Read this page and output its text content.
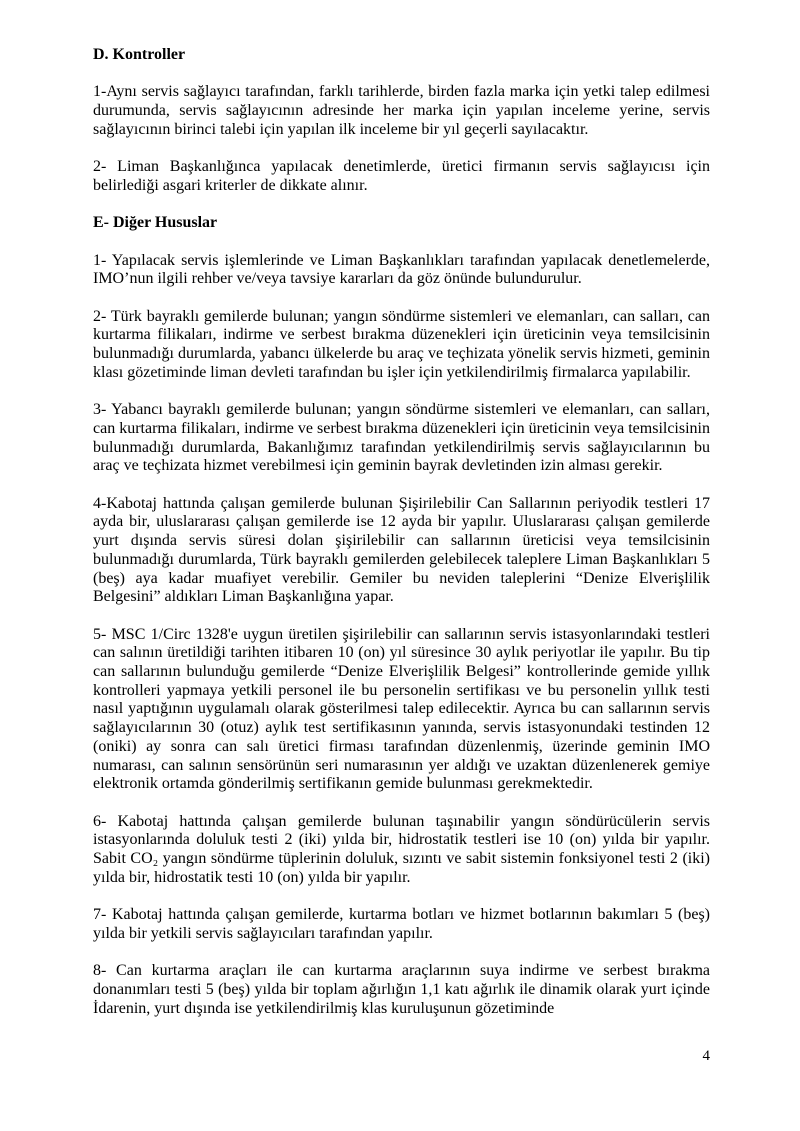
D. Kontroller
1-Aynı servis sağlayıcı tarafından, farklı tarihlerde, birden fazla marka için yetki talep edilmesi durumunda, servis sağlayıcının adresinde her marka için yapılan inceleme yerine, servis sağlayıcının birinci talebi için yapılan ilk inceleme bir yıl geçerli sayılacaktır.
2- Liman Başkanlığınca yapılacak denetimlerde, üretici firmanın servis sağlayıcısı için belirlediği asgari kriterler de dikkate alınır.
E- Diğer Hususlar
1- Yapılacak servis işlemlerinde ve Liman Başkanlıkları tarafından yapılacak denetlemelerde, IMO’nun ilgili rehber ve/veya tavsiye kararları da göz önünde bulundurulur.
2- Türk bayraklı gemilerde bulunan; yangın söndürme sistemleri ve elemanları, can salları, can kurtarma filikaları, indirme ve serbest bırakma düzenekleri için üreticinin veya temsilcisinin bulunmadığı durumlarda, yabancı ülkelerde bu araç ve teçhizata yönelik servis hizmeti, geminin klası gözetiminde liman devleti tarafından bu işler için yetkilendirilmiş firmalarca yapılabilir.
3- Yabancı bayraklı gemilerde bulunan; yangın söndürme sistemleri ve elemanları, can salları, can kurtarma filikaları, indirme ve serbest bırakma düzenekleri için üreticinin veya temsilcisinin bulunmadığı durumlarda, Bakanlığımız tarafından yetkilendirilmiş servis sağlayıcılarının bu araç ve teçhizata hizmet verebilmesi için geminin bayrak devletinden izin alması gerekir.
4-Kabotaj hattında çalışan gemilerde bulunan Şişirilebilir Can Sallarının periyodik testleri 17 ayda bir, uluslararası çalışan gemilerde ise 12 ayda bir yapılır. Uluslararası çalışan gemilerde yurt dışında servis süresi dolan şişirilebilir can sallarının üreticisi veya temsilcisinin bulunmadığı durumlarda, Türk bayraklı gemilerden gelebilecek taleplere Liman Başkanlıkları 5 (beş) aya kadar muafiyet verebilir. Gemiler bu neviden taleplerini “Denize Elverişlilik Belgesini” aldıkları Liman Başkanlığına yapar.
5- MSC 1/Circ 1328'e uygun üretilen şişirilebilir can sallarının servis istasyonlarındaki testleri can salının üretildiği tarihten itibaren 10 (on) yıl süresince 30 aylık periyotlar ile yapılır. Bu tip can sallarının bulunduğu gemilerde “Denize Elverişlilik Belgesi” kontrollerinde gemide yıllık kontrolleri yapmaya yetkili personel ile bu personelin sertifikası ve bu personelin yıllık testi nasıl yaptığının uygulamalı olarak gösterilmesi talep edilecektir. Ayrıca bu can sallarının servis sağlayıcılarının 30 (otuz) aylık test sertifikasının yanında, servis istasyonundaki testinden 12 (oniki) ay sonra can salı üretici firması tarafından düzenlenmiş, üzerinde geminin IMO numarası, can salının sensörünün seri numarasının yer aldığı ve uzaktan düzenlenerek gemiye elektronik ortamda gönderilmiş sertifikanın gemide bulunması gerekmektedir.
6- Kabotaj hattında çalışan gemilerde bulunan taşınabilir yangın söndürücülerin servis istasyonlarında doluluk testi 2 (iki) yılda bir, hidrostatik testleri ise 10 (on) yılda bir yapılır. Sabit CO₂ yangın söndürme tüplerinin doluluk, sızıntı ve sabit sistemin fonksiyonel testi 2 (iki) yılda bir, hidrostatik testi 10 (on) yılda bir yapılır.
7- Kabotaj hattında çalışan gemilerde, kurtarma botları ve hizmet botlarının bakımları 5 (beş) yılda bir yetkili servis sağlayıcıları tarafından yapılır.
8- Can kurtarma araçları ile can kurtarma araçlarının suya indirme ve serbest bırakma donanımları testi 5 (beş) yılda bir toplam ağırlığın 1,1 katı ağırlık ile dinamik olarak yurt içinde İdarenin, yurt dışında ise yetkilendirilmiş klas kuruluşunun gözetiminde
4
